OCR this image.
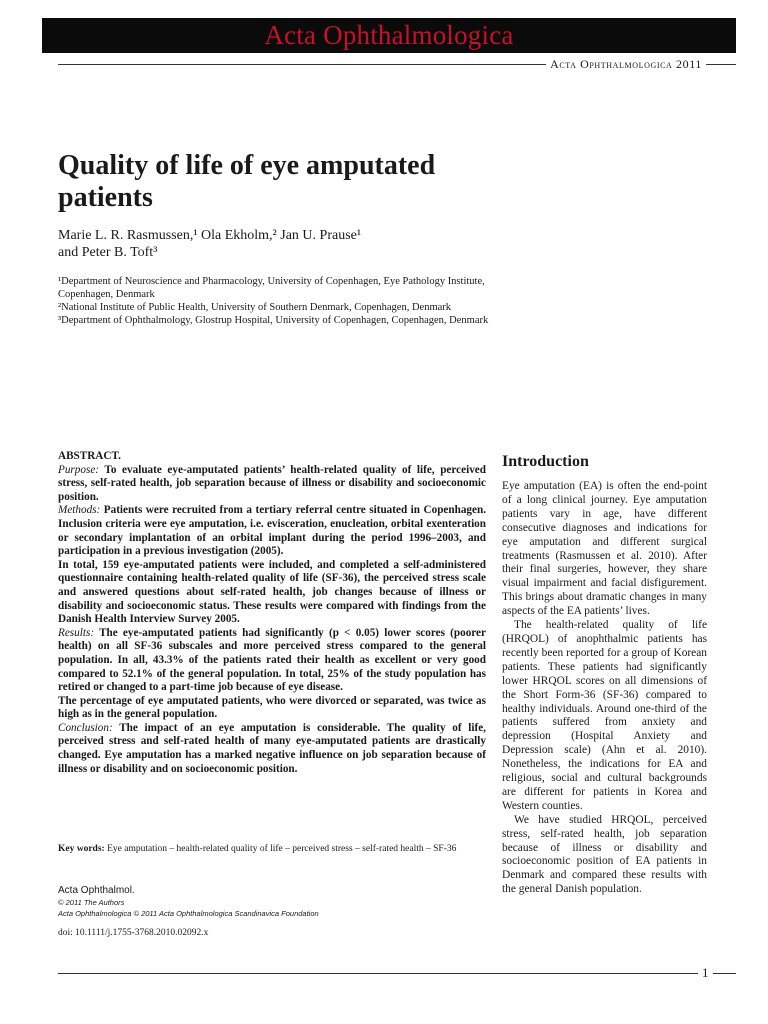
Acta Ophthalmologica
Acta Ophthalmologica 2011
Quality of life of eye amputated patients
Marie L. R. Rasmussen,¹ Ola Ekholm,² Jan U. Prause¹
and Peter B. Toft³

¹Department of Neuroscience and Pharmacology, University of Copenhagen, Eye Pathology Institute, Copenhagen, Denmark

²National Institute of Public Health, University of Southern Denmark, Copenhagen, Denmark

³Department of Ophthalmology, Glostrup Hospital, University of Copenhagen, Copenhagen, Denmark

ABSTRACT.

Purpose: To evaluate eye-amputated patients’ health-related quality of life, perceived stress, self-rated health, job separation because of illness or disability and socioeconomic position.

Methods: Patients were recruited from a tertiary referral centre situated in Copenhagen. Inclusion criteria were eye amputation, i.e. evisceration, enucleation, orbital exenteration or secondary implantation of an orbital implant during the period 1996–2003, and participation in a previous investigation (2005).

In total, 159 eye-amputated patients were included, and completed a self-administered questionnaire containing health-related quality of life (SF-36), the perceived stress scale and answered questions about self-rated health, job changes because of illness or disability and socioeconomic status. These results were compared with findings from the Danish Health Interview Survey 2005.

Results: The eye-amputated patients had significantly (p < 0.05) lower scores (poorer health) on all SF-36 subscales and more perceived stress compared to the general population. In all, 43.3% of the patients rated their health as excellent or very good compared to 52.1% of the general population. In total, 25% of the study population has retired or changed to a part-time job because of eye disease.

The percentage of eye amputated patients, who were divorced or separated, was twice as high as in the general population.

Conclusion: The impact of an eye amputation is considerable. The quality of life, perceived stress and self-rated health of many eye-amputated patients are drastically changed. Eye amputation has a marked negative influence on job separation because of illness or disability and on socioeconomic position.

Key words: Eye amputation – health-related quality of life – perceived stress – self-rated health – SF-36
Acta Ophthalmol.
© 2011 The Authors
Acta Ophthalmologica © 2011 Acta Ophthalmologica Scandinavica Foundation
doi: 10.1111/j.1755-3768.2010.02092.x
Introduction

Eye amputation (EA) is often the end-point of a long clinical journey. Eye amputation patients vary in age, have different consecutive diagnoses and indications for eye amputation and different surgical treatments (Rasmussen et al. 2010). After their final surgeries, however, they share visual impairment and facial disfigurement. This brings about dramatic changes in many aspects of the EA patients’ lives.

The health-related quality of life (HRQOL) of anophthalmic patients has recently been reported for a group of Korean patients. These patients had significantly lower HRQOL scores on all dimensions of the Short Form-36 (SF-36) compared to healthy individuals. Around one-third of the patients suffered from anxiety and depression (Hospital Anxiety and Depression scale) (Ahn et al. 2010). Nonetheless, the indications for EA and religious, social and cultural backgrounds are different for patients in Korea and Western counties.

We have studied HRQOL, perceived stress, self-rated health, job separation because of illness or disability and socioeconomic position of EA patients in Denmark and compared these results with the general Danish population.

1
